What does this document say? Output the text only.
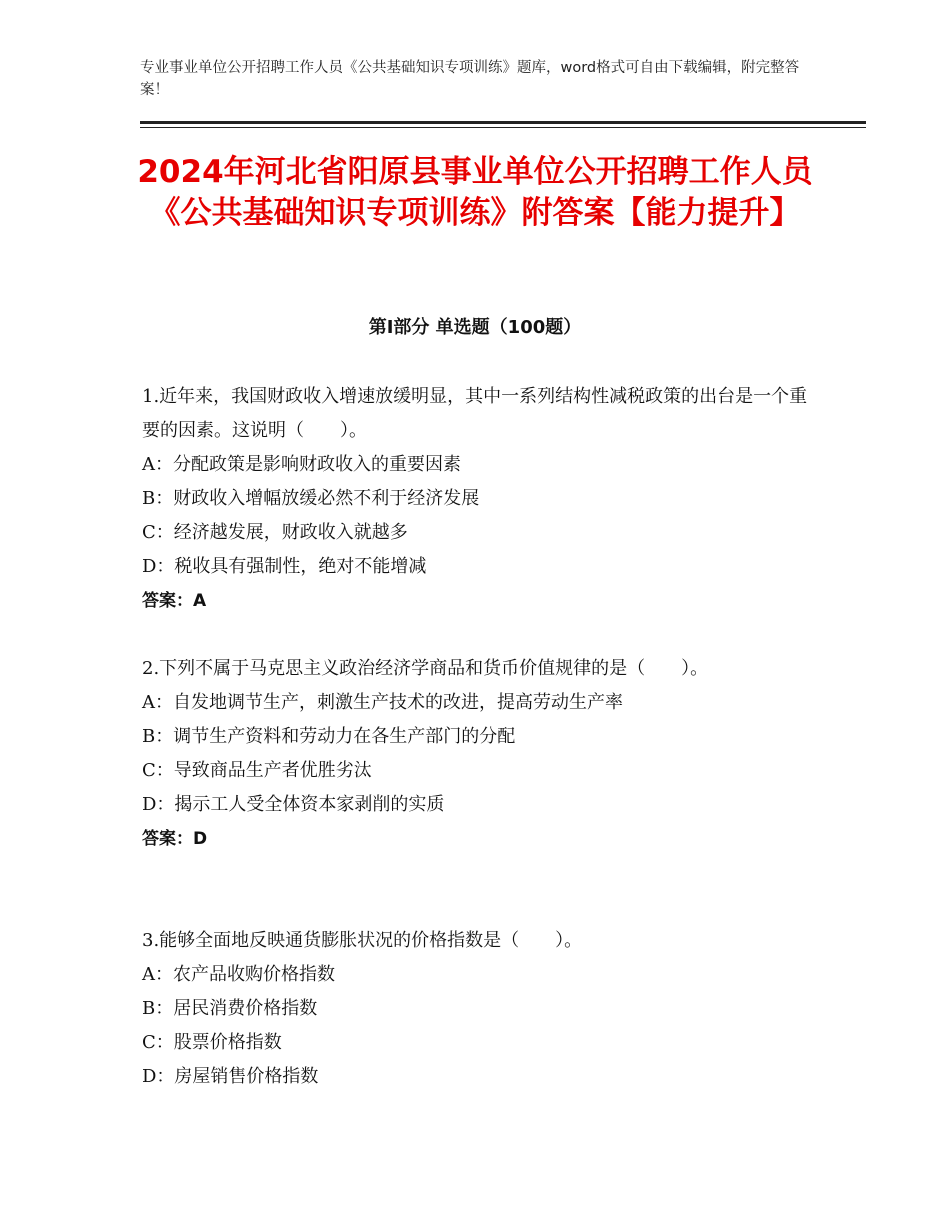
专业事业单位公开招聘工作人员《公共基础知识专项训练》题库，word格式可自由下载编辑，附完整答案！
2024年河北省阳原县事业单位公开招聘工作人员《公共基础知识专项训练》附答案【能力提升】
第Ⅰ部分 单选题（100题）

1.近年来，我国财政收入增速放缓明显，其中一系列结构性减税政策的出台是一个重要的因素。这说明（　　）。

A：分配政策是影响财政收入的重要因素
B：财政收入增幅放缓必然不利于经济发展
C：经济越发展，财政收入就越多
D：税收具有强制性，绝对不能增减
答案：A

2.下列不属于马克思主义政治经济学商品和货币价值规律的是（　　）。

A：自发地调节生产，刺激生产技术的改进，提高劳动生产率
B：调节生产资料和劳动力在各生产部门的分配
C：导致商品生产者优胜劣汰
D：揭示工人受全体资本家剥削的实质
答案：D

3.能够全面地反映通货膨胀状况的价格指数是（　　）。

A：农产品收购价格指数
B：居民消费价格指数
C：股票价格指数
D：房屋销售价格指数
